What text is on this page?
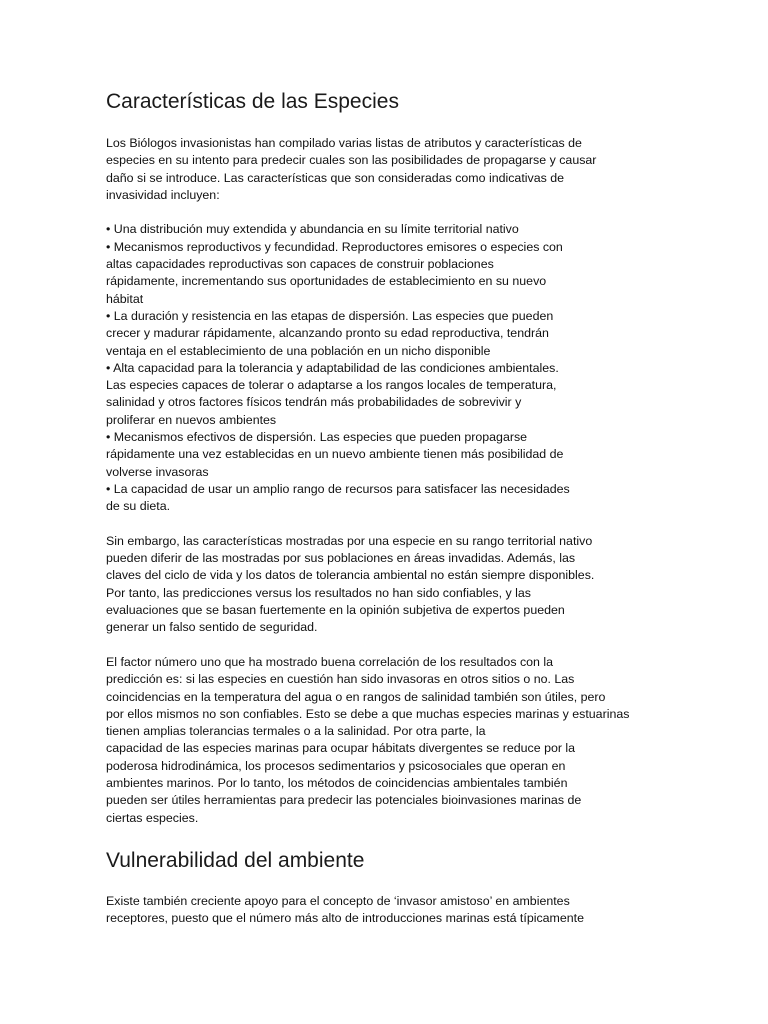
Características de las Especies
Los Biólogos invasionistas han compilado varias listas de atributos y características de
especies en su intento para predecir cuales son las posibilidades de propagarse y causar
daño si se introduce. Las características que son consideradas como indicativas de
invasividad incluyen:
• Una distribución muy extendida y abundancia en su límite territorial nativo
• Mecanismos reproductivos y fecundidad. Reproductores emisores o especies con
altas capacidades reproductivas son capaces de construir poblaciones
rápidamente, incrementando sus oportunidades de establecimiento en su nuevo
hábitat
• La duración y resistencia en las etapas de dispersión. Las especies que pueden
crecer y madurar rápidamente, alcanzando pronto su edad reproductiva, tendrán
ventaja en el establecimiento de una población en un nicho disponible
• Alta capacidad para la tolerancia y adaptabilidad de las condiciones ambientales.
Las especies capaces de tolerar o adaptarse a los rangos locales de temperatura,
salinidad y otros factores físicos tendrán más probabilidades de sobrevivir y
proliferar en nuevos ambientes
• Mecanismos efectivos de dispersión. Las especies que pueden propagarse
rápidamente una vez establecidas en un nuevo ambiente tienen más posibilidad de
volverse invasoras
• La capacidad de usar un amplio rango de recursos para satisfacer las necesidades
de su dieta.
Sin embargo, las características mostradas por una especie en su rango territorial nativo
pueden diferir de las mostradas por sus poblaciones en áreas invadidas. Además, las
claves del ciclo de vida y los datos de tolerancia ambiental no están siempre disponibles.
Por tanto, las predicciones versus los resultados no han sido confiables, y las
evaluaciones que se basan fuertemente en la opinión subjetiva de expertos pueden
generar un falso sentido de seguridad.
El factor número uno que ha mostrado buena correlación de los resultados con la
predicción es: si las especies en cuestión han sido invasoras en otros sitios o no. Las
coincidencias en la temperatura del agua o en rangos de salinidad también son útiles, pero
por ellos mismos no son confiables. Esto se debe a que muchas especies marinas y estuarinas
tienen amplias tolerancias termales o a la salinidad. Por otra parte, la
capacidad de las especies marinas para ocupar hábitats divergentes se reduce por la
poderosa hidrodinámica, los procesos sedimentarios y psicosociales que operan en
ambientes marinos. Por lo tanto, los métodos de coincidencias ambientales también
pueden ser útiles herramientas para predecir las potenciales bioinvasiones marinas de
ciertas especies.
Vulnerabilidad del ambiente
Existe también creciente apoyo para el concepto de ‘invasor amistoso’ en ambientes
receptores, puesto que el número más alto de introducciones marinas está típicamente
